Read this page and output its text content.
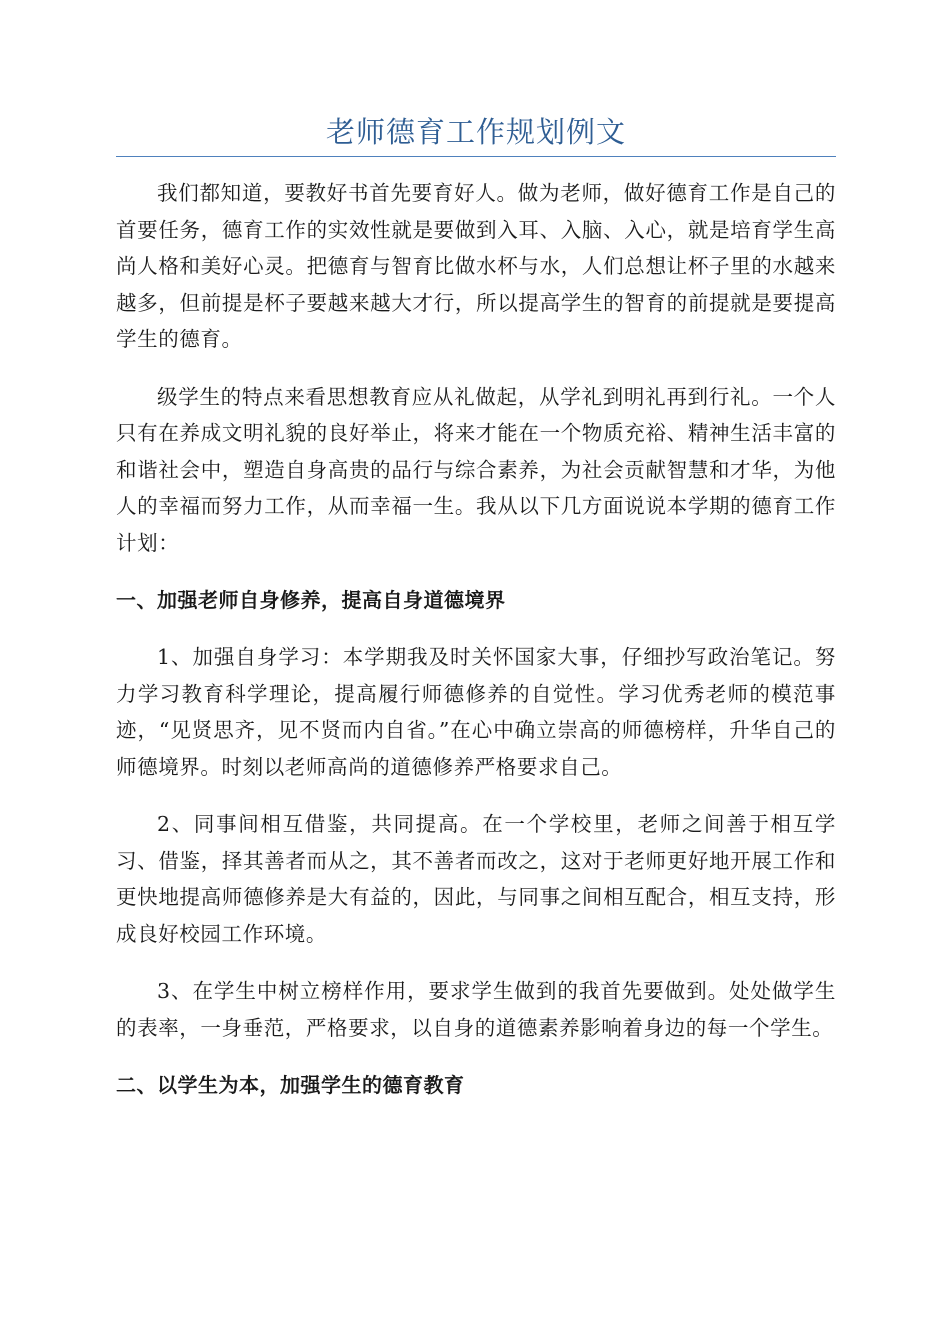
老师德育工作规划例文

我们都知道，要教好书首先要育好人。做为老师，做好德育工作是自己的首要任务，德育工作的实效性就是要做到入耳、入脑、入心，就是培育学生高尚人格和美好心灵。把德育与智育比做水杯与水，人们总想让杯子里的水越来越多，但前提是杯子要越来越大才行，所以提高学生的智育的前提就是要提高学生的德育。

级学生的特点来看思想教育应从礼做起，从学礼到明礼再到行礼。一个人只有在养成文明礼貌的良好举止，将来才能在一个物质充裕、精神生活丰富的和谐社会中，塑造自身高贵的品行与综合素养，为社会贡献智慧和才华，为他人的幸福而努力工作，从而幸福一生。我从以下几方面说说本学期的德育工作计划：

一、加强老师自身修养，提高自身道德境界

1、加强自身学习：本学期我及时关怀国家大事，仔细抄写政治笔记。努力学习教育科学理论，提高履行师德修养的自觉性。学习优秀老师的模范事迹，“见贤思齐，见不贤而内自省。”在心中确立崇高的师德榜样，升华自己的师德境界。时刻以老师高尚的道德修养严格要求自己。

2、同事间相互借鉴，共同提高。在一个学校里，老师之间善于相互学习、借鉴，择其善者而从之，其不善者而改之，这对于老师更好地开展工作和更快地提高师德修养是大有益的，因此，与同事之间相互配合，相互支持，形成良好校园工作环境。

3、在学生中树立榜样作用，要求学生做到的我首先要做到。处处做学生的表率，一身垂范，严格要求，以自身的道德素养影响着身边的每一个学生。

二、以学生为本，加强学生的德育教育
